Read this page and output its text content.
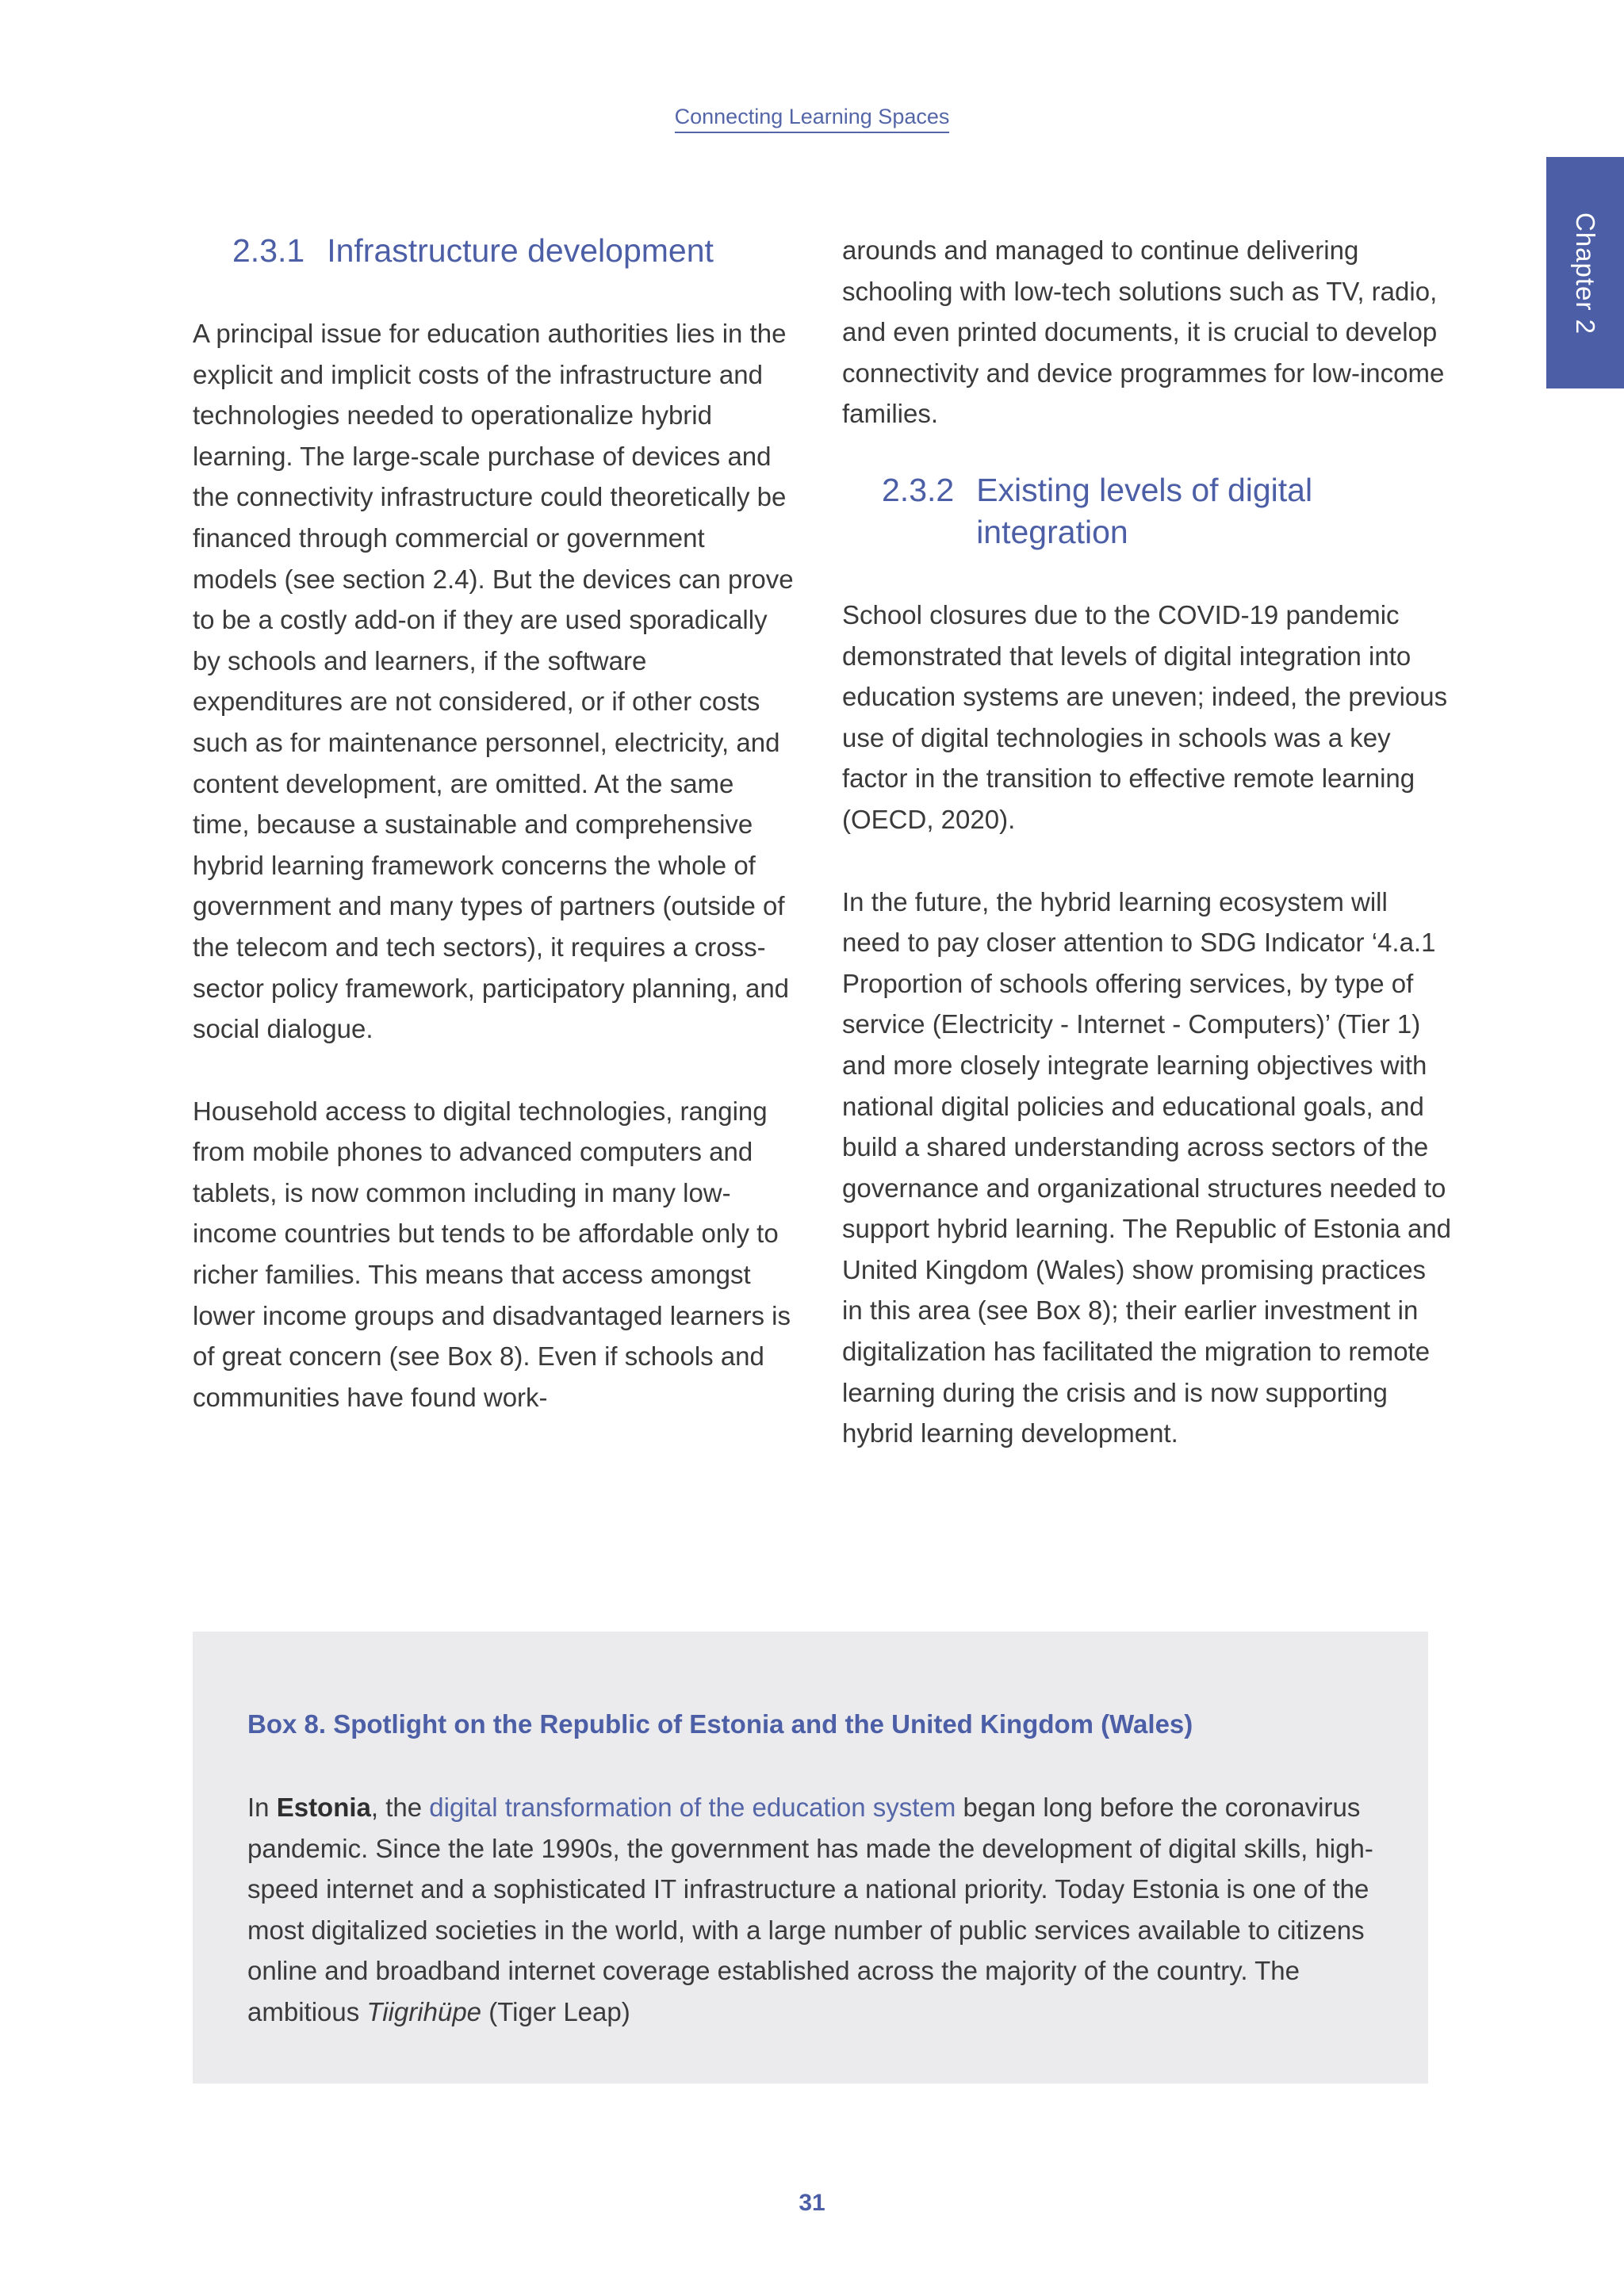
Connecting Learning Spaces
Chapter 2
2.3.1 Infrastructure development

A principal issue for education authorities lies in the explicit and implicit costs of the infrastructure and technologies needed to operationalize hybrid learning. The large-scale purchase of devices and the connectivity infrastructure could theoretically be financed through commercial or government models (see section 2.4). But the devices can prove to be a costly add-on if they are used sporadically by schools and learners, if the software expenditures are not considered, or if other costs such as for maintenance personnel, electricity, and content development, are omitted. At the same time, because a sustainable and comprehensive hybrid learning framework concerns the whole of government and many types of partners (outside of the telecom and tech sectors), it requires a cross-sector policy framework, participatory planning, and social dialogue.

Household access to digital technologies, ranging from mobile phones to advanced computers and tablets, is now common including in many low-income countries but tends to be affordable only to richer families. This means that access amongst lower income groups and disadvantaged learners is of great concern (see Box 8). Even if schools and communities have found work-

arounds and managed to continue delivering schooling with low-tech solutions such as TV, radio, and even printed documents, it is crucial to develop connectivity and device programmes for low-income families.

2.3.2 Existing levels of digital integration

School closures due to the COVID-19 pandemic demonstrated that levels of digital integration into education systems are uneven; indeed, the previous use of digital technologies in schools was a key factor in the transition to effective remote learning (OECD, 2020).

In the future, the hybrid learning ecosystem will need to pay closer attention to SDG Indicator ‘4.a.1 Proportion of schools offering services, by type of service (Electricity - Internet - Computers)’ (Tier 1) and more closely integrate learning objectives with national digital policies and educational goals, and build a shared understanding across sectors of the governance and organizational structures needed to support hybrid learning. The Republic of Estonia and United Kingdom (Wales) show promising practices in this area (see Box 8); their earlier investment in digitalization has facilitated the migration to remote learning during the crisis and is now supporting hybrid learning development.

Box 8. Spotlight on the Republic of Estonia and the United Kingdom (Wales)
In Estonia, the digital transformation of the education system began long before the coronavirus pandemic. Since the late 1990s, the government has made the development of digital skills, high-speed internet and a sophisticated IT infrastructure a national priority. Today Estonia is one of the most digitalized societies in the world, with a large number of public services available to citizens online and broadband internet coverage established across the majority of the country. The ambitious Tiigrihüpe (Tiger Leap)
31
